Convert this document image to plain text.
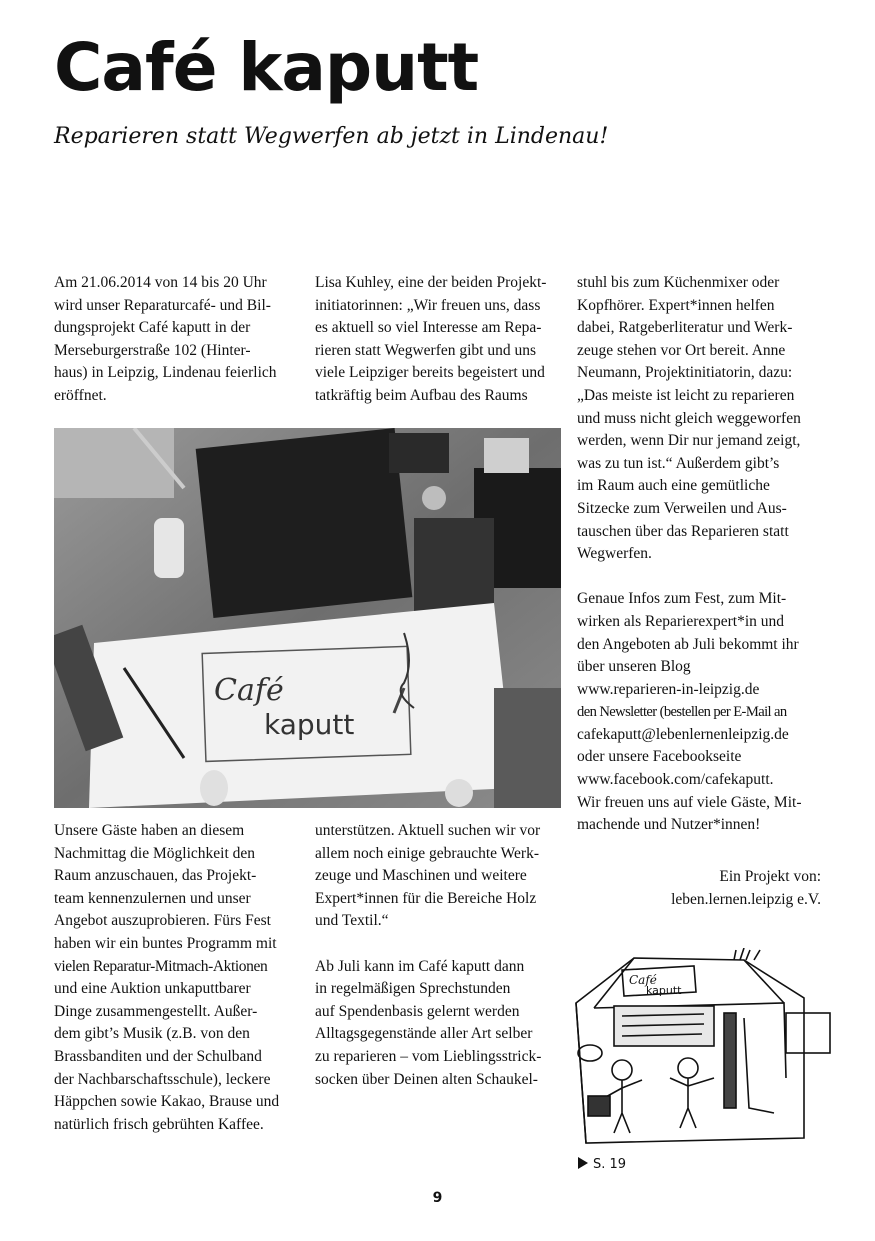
Café kaputt

Reparieren statt Wegwerfen ab jetzt in Lindenau!

Am 21.06.2014 von 14 bis 20 Uhr

wird unser Reparaturcafé- und Bil-

dungsprojekt Café kaputt in der

Merseburgerstraße 102 (Hinter-

haus) in Leipzig, Lindenau feierlich

eröffnet.

Lisa Kuhley, eine der beiden Projekt-

initiatorinnen: „Wir freuen uns, dass

es aktuell so viel Interesse am Repa-

rieren statt Wegwerfen gibt und uns

viele Leipziger bereits begeistert und

tatkräftig beim Aufbau des Raums

stuhl bis zum Küchenmixer oder

Kopfhörer. Expert*innen helfen

dabei, Ratgeberliteratur und Werk-

zeuge stehen vor Ort bereit. Anne

Neumann, Projektinitiatorin, dazu:

„Das meiste ist leicht zu reparieren

und muss nicht gleich weggeworfen

werden, wenn Dir nur jemand zeigt,

was zu tun ist.“ Außerdem gibt’s

im Raum auch eine gemütliche

Sitzecke zum Verweilen und Aus-

tauschen über das Reparieren statt

Wegwerfen.

Genaue Infos zum Fest, zum Mit-

wirken als Reparierexpert*in und

den Angeboten ab Juli bekommt ihr

über unseren Blog

www.reparieren-in-leipzig.de

den Newsletter (bestellen per E-Mail an

cafekaputt@lebenlernenleipzig.de

oder unsere Facebookseite

www.facebook.com/cafekaputt.

Wir freuen uns auf viele Gäste, Mit-

machende und Nutzer*innen!

Café
kaputt

Unsere Gäste haben an diesem

Nachmittag die Möglichkeit den

Raum anzuschauen, das Projekt-

team kennenzulernen und unser

Angebot auszuprobieren. Fürs Fest

haben wir ein buntes Programm mit

vielen Reparatur-Mitmach-Aktionen

und eine Auktion unkaputtbarer

Dinge zusammengestellt. Außer-

dem gibt’s Musik (z.B. von den

Brassbanditen und der Schulband

der Nachbarschaftsschule), leckere

Häppchen sowie Kakao, Brause und

natürlich frisch gebrühten Kaffee.

unterstützen. Aktuell suchen wir vor

allem noch einige gebrauchte Werk-

zeuge und Maschinen und weitere

Expert*innen für die Bereiche Holz

und Textil.“

Ab Juli kann im Café kaputt dann

in regelmäßigen Sprechstunden

auf Spendenbasis gelernt werden

Alltagsgegenstände aller Art selber

zu reparieren – vom Lieblingsstrick-

socken über Deinen alten Schaukel-

Ein Projekt von:
leben.lernen.leipzig e.V.
Café
kaputt
S. 19
9
